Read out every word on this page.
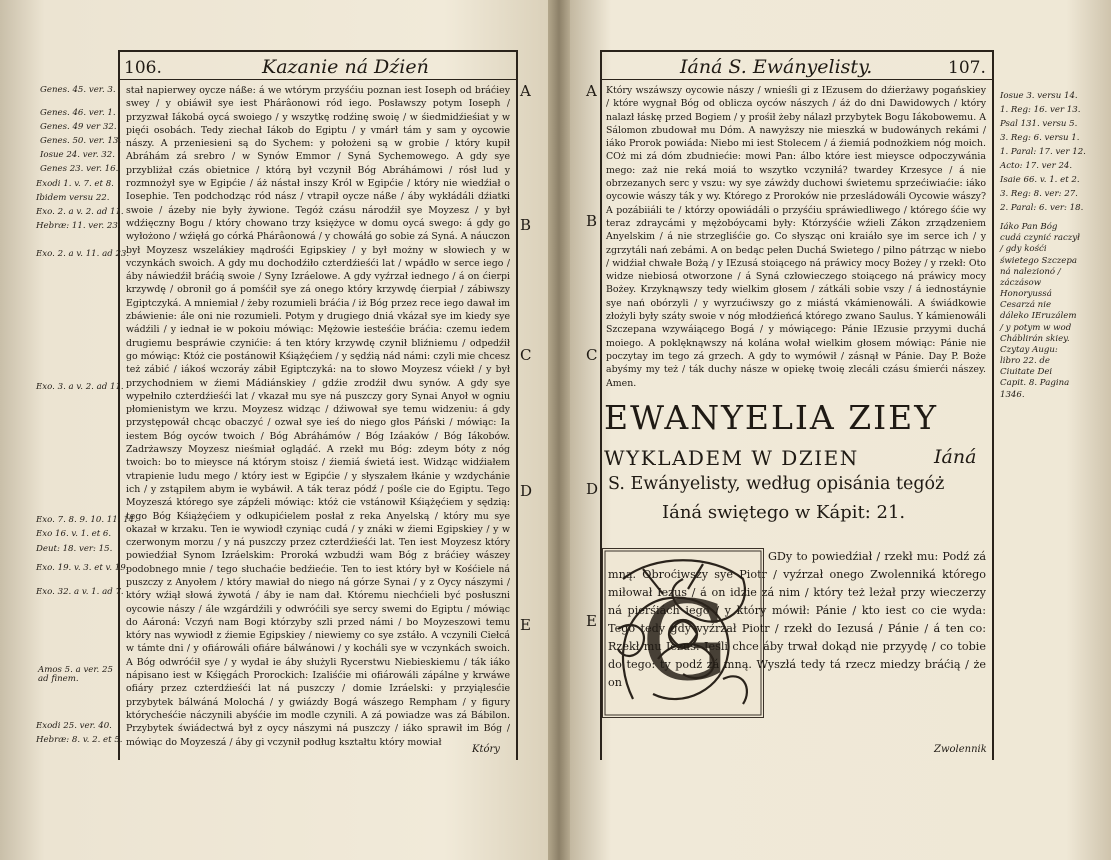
106.	Kazanie ná Dźień
Genes. 45. ver. 3.
Genes. 46. ver. 1.
Genes. 49 ver 32.
Genes. 50. ver. 13.
Iosue 24. ver. 32.
Genes 23. ver. 16.
Exodi 1. v. 7. et 8.
Ibidem versu 22.
Exo. 2. a v. 2. ad 11.
Hebræ: 11. ver. 23.
Exo. 2. a v. 11. ad 23.
Exo. 3. a v. 2. ad 11.
Exo. 7. 8. 9. 10. 11. 14.
Exo 16. v. 1. et 6.
Deut: 18. ver: 15.
Exo. 19. v. 3. et v. 19.
Exo. 32. a v. 1. ad 7.
Amos 5. a ver. 25 ad finem.
Exodi 25. ver. 40.
Hebræ: 8. v. 2. et 5.
stał napierwey oycze náße: á we wtórym przyśćiu poznan iest Ioseph od bráćiey swey / y obiáwił sye iest Phárâonowi ród iego. Posławszy potym Ioseph / przyzwał Iákobá oycá swoiego / y wszytkę rodźinę swoię / w śiedmidźieśiat y w pięći osobách. Tedy ziechał Iákob do Egiptu / y vmárł tám y sam y oycowie nászy. A przeniesieni są do Sychem: y położeni są w grobie / który kupił Abráhám zá srebro / w Synów Emmor / Syná Sychemowego. A gdy sye przybliżał czás obietnice / którą był vczynił Bóg Abráhámowi / rósł lud y rozmnożył sye w Egipćie / áż nástał inszy Król w Egipćie / który nie wiedźiał o Iosephie. Ten podchodząc ród nász / vtrapił oycze náße / áby wykłádáli dźiatki swoie / ázeby nie były żywione. Tegóż czásu národźił sye Moyzesz / y był wdźięczny Bogu / który chowano trzy księżyce w domu oycá swego: á gdy go wyłożono / wźięłá go córká Phárâonowá / y chowáłá go sobie zá Syná. A náuczon był Moyzesz wszelákiey mądrośći Egipskiey / y był możny w słowiech y w vczynkách swoich. A gdy mu dochodźiło czterdźieśći lat / wpádło w serce iego / áby náwiedźił bráćią swoie / Syny Izráelowe. A gdy vyźrzał iednego / á on ćierpi krzywdę / obronił go á pomśćił sye zá onego który krzywdę ćierpiał / zábiwszy Egiptczyká. A mniemiał / żeby rozumieli bráćia / iż Bóg przez rece iego dawał im zbáwienie: ále oni nie rozumieli. Potym y drugiego dniá vkázał sye im kiedy sye wádźili / y iednał ie w pokoiu mówiąc: Mężowie iesteśćie bráćia: czemu iedem drugiemu bespráwie czynićie: á ten który krzywdę czynił bliźniemu / odpedźił go mówiąc: Któż cie postánowił Kśiążęćiem / y sędźią nád námi: czyli mie chcesz też zábić / iákoś wczoráy zábił Egiptczyká: na to słowo Moyzesz vćiekł / y był przychodniem w źiemi Mádiánskiey / gdźie zrodźił dwu synów. A gdy sye wypełniło czterdźieśći lat / vkazał mu sye ná puszczy gory Synai Anyoł w ogniu płomienistym we krzu. Moyzesz widząc / dźiwował sye temu widzeniu: á gdy przystępowáł chcąc obaczyć / ozwał sye ieś do niego głos Páński / mówiąc: Ia iestem Bóg oyców twoich / Bóg Abráhámów / Bóg Izáaków / Bóg Iákobów. Zadrżawszy Moyzesz nieśmiał oglądáć. A rzekł mu Bóg: zdeym bóty z nóg twoich: bo to mieysce ná którym stoisz / źiemiá świetá iest. Widząc widźiałem vtrapienie ludu mego / który iest w Egipćie / y słyszałem łkánie y wzdychánie ich / y zstąpiłem abym ie wybáwił. A ták teraz pódź / pośle cie do Egiptu. Tego Moyzeszá którego sye zápźeli mówiąc: któż cie vstánowił Kśiążęćiem y sędzią: tego Bóg Kśiążęćiem y odkupićielem posłał z reka Anyelską / który mu sye okazał w krzaku. Ten ie wywiodł czyniąc cudá / y znáki w źiemi Egipskiey / y w czerwonym morzu / y ná puszczy przez czterdźieśći lat. Ten iest Moyzesz który powiedźiał Synom Izráelskim: Proroká wzbudźi wam Bóg z bráćiey wászey podobnego mnie / tego słuchaćie bedźiećie. Ten to iest który był w Kośćiele ná puszczy z Anyołem / który mawiał do niego ná górze Synai / y z Oycy nászymi / który wźiął słowá żywotá / áby ie nam dał. Któremu niechćieli być posłuszni oycowie nászy / ále wzgárdźili y odwróćili sye sercy swemi do Egiptu / mówiąc do Aároná: Vczyń nam Bogi którzyby szli przed námi / bo Moyzeszowi temu który nas wywiodł z źiemie Egipskiey / niewiemy co sye zstáło. A vczynili Ciełcá w támte dni / y ofiárowáli ofiáre bálwánowi / y kocháli sye w vczynkách swoich. A Bóg odwróćił sye / y wydał ie áby służyli Rycerstwu Niebieskiemu / ták iáko nápisano iest w Kśięgách Prorockich: Izaliśćie mi ofiárowáli zápálne y krwáwe ofiáry przez czterdźieśći lat ná puszczy / domie Izráelski: y przyiąlesćie przybytek bálwáná Molochá / y gwiázdy Bogá wászego Rempham / y figury którycheśćie náczynili abyśćie im modle czynili. A zá powiadze was zá Bábilon. Przybytek świádectwá był z oycy nászymi ná puszczy / iáko sprawił im Bóg / mówiąc do Moyzeszá / áby gi vczynił podług kształtu który mowiał
A
B
C
D
E
Który
Iáná S. Ewányelisty.	107.
A
B
C
D
E
Który wszáwszy oycowie nászy / wnieśli gi z IEzusem do dźierżawy pogańskiey / które wygnał Bóg od oblicza oyców nászych / áż do dni Dawidowych / który nalazł łáskę przed Bogiem / y prośił żeby nálazł przybytek Bogu Iákobowemu. A Sálomon zbudował mu Dóm. A nawyższy nie mieszká w budowánych rekámi / iáko Prorok powiáda: Niebo mi iest Stolecem / á źiemiá podnożkiem nóg moich. COż mi zá dóm zbudniećie: mowi Pan: álbo które iest mieysce odpoczywánia mego: zaż nie reká moiá to wszytko vczyniłá? twardey Krzesyce / á nie obrzezanych serc y vszu: wy sye záwżdy duchowi świetemu sprzećiwiaćie: iáko oycowie wászy ták y wy. Którego z Proroków nie przesládowáli Oycowie wászy? A pozábiiáli te / którzy opowiádáli o przyśćiu spráwiedliwego / którego śćie wy teraz zdraycámi y mężobóycami były: Którzyśćie wźieli Zákon zrządzeniem Anyelskim / á nie strzegliśćie go. Co słysząc oni kraiáło sye im serce ich / y zgrzytáli nań zebámi. A on bedąc pełen Duchá Swietego / pilno pátrząc w niebo / widźiał chwałe Bożą / y IEzusá stoiącego ná práwicy mocy Bożey / y rzekł: Oto widze niebiosá otworzone / á Syná człowieczego stoiącego ná práwicy mocy Bożey. Krzyknąwszy tedy wielkim głosem / zátkáli sobie vszy / á iednostáynie sye nań obórzyli / y wyrzućiwszy go z miástá vkámienowáli. A świádkowie złożyli były száty swoie v nóg młodźieńcá którego zwano Saulus. Y kámienowáli Szczepana wzywáiącego Bogá / y mówiącego: Pánie IEzusie przyymi duchá moiego. A poklęknąwszy ná kolána wołał wielkim głosem mówiąc: Pánie nie poczytay im tego zá grzech. A gdy to wymówił / zásnął w Pánie. Day P. Boże abyśmy my też / ták duchy násze w opiekę twoię zlecáli czásu śmierći nászey. Amen.
EWANYELIA ZIEY
WYKLADEM W DZIEN	Iáná
S. Ewányelisty, według opisánia tegóż
Iáná swiętego w Kápit: 21.
G
GDy to powiedźiał / rzekł mu: Podź zá mną. Obroćiwszy sye Piotr / vyźrzał onego Zwolenniká którego miłował Iezus / á on idźie zá nim / który też leżał przy wieczerzy ná pierśiách iego / y który mówił: Pánie / kto iest co cie wyda: Tego tedy gdy vyźrzał Piotr / rzekł do Iezusá / Pánie / á ten co: Rzekł mu Iezus: Ieśli chce áby trwał dokąd nie przyydę / co tobie do tego: ty podź zá mną. Wyszłá tedy tá rzecz miedzy bráćią / że on
Zwolennik
Iosue 3. versu 14.
1. Reg: 16. ver 13.
Psal 131. versu 5.
3. Reg: 6. versu 1.
1. Paral: 17. ver 12.
Acto: 17. ver 24.
Isaie 66. v. 1. et 2.
3. Reg: 8. ver: 27.
2. Paral: 6. ver: 18.
Iáko Pan Bóg cudá czynić raczył / gdy kośći świetego Szczepa ná nalezionó / záczásow Honoryussá Cesarzá nie dáleko IEruzálem / y potym w wod Cháblirán skiey. Czytay Augu: libro 22. de Ciuitate Dei Capit. 8. Pagina 1346.
